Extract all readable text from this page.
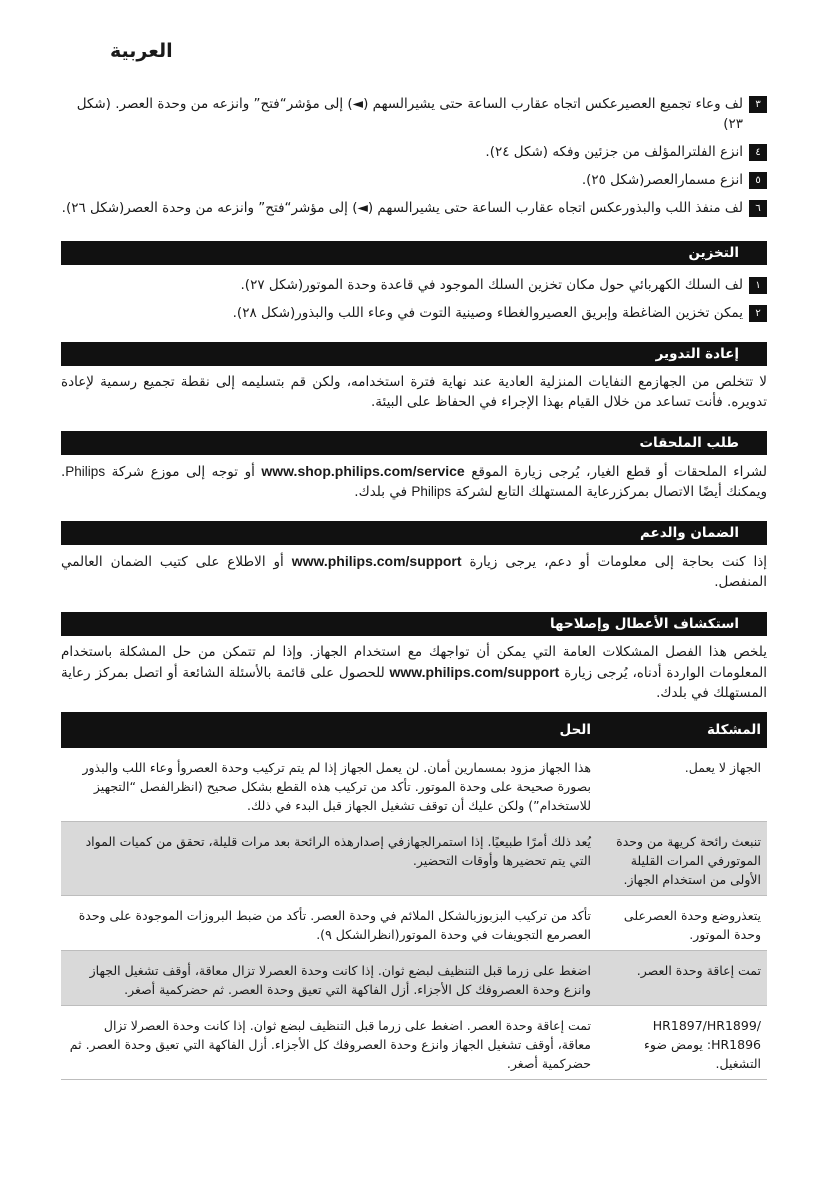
العربية
٣
لف وعاء تجميع العصيرعكس اتجاه عقارب الساعة حتى يشيرالسهم (◄) إلى مؤشر“فتح” وانزعه من وحدة العصر. (شكل ٢٣)
٤
انزع الفلترالمؤلف من جزئين وفكه (شكل ٢٤).
٥
انزع مسمارالعصر(شكل ٢٥).
٦
لف منفذ اللب والبذورعكس اتجاه عقارب الساعة حتى يشيرالسهم (◄) إلى مؤشر“فتح” وانزعه من وحدة العصر(شكل ٢٦).
التخزين
١
لف السلك الكهربائي حول مكان تخزين السلك الموجود في قاعدة وحدة الموتور(شكل ٢٧).
٢
يمكن تخزين الضاغطة وإبريق العصيروالغطاء وصينية التوت في وعاء اللب والبذور(شكل ٢٨).
إعادة التدوير
لا تتخلص من الجهازمع النفايات المنزلية العادية عند نهاية فترة استخدامه، ولكن قم بتسليمه إلى نقطة تجميع رسمية لإعادة تدويره. فأنت تساعد من خلال القيام بهذا الإجراء في الحفاظ على البيئة.
طلب الملحقات
لشراء الملحقات أو قطع الغيار، يُرجى زيارة الموقع www.shop.philips.com/service أو توجه إلى موزع شركة Philips. ويمكنك أيضًا الاتصال بمركزرعاية المستهلك التابع لشركة Philips في بلدك.
الضمان والدعم
إذا كنت بحاجة إلى معلومات أو دعم، يرجى زيارة www.philips.com/support أو الاطلاع على كتيب الضمان العالمي المنفصل.
استكشاف الأعطال وإصلاحها
يلخص هذا الفصل المشكلات العامة التي يمكن أن تواجهك مع استخدام الجهاز. وإذا لم تتمكن من حل المشكلة باستخدام المعلومات الواردة أدناه، يُرجى زيارة www.philips.com/support للحصول على قائمة بالأسئلة الشائعة أو اتصل بمركز رعاية المستهلك في بلدك.
المشكلة	الحل
الجهاز لا يعمل.	هذا الجهاز مزود بمسمارين أمان. لن يعمل الجهاز إذا لم يتم تركيب وحدة العصروأ وعاء اللب والبذور بصورة صحيحة على وحدة الموتور. تأكد من تركيب هذه القطع بشكل صحيح (انظرالفصل “التجهيز للاستخدام”) ولكن عليك أن توقف تشغيل الجهاز قبل البدء في ذلك.
تنبعث رائحة كريهة من وحدة الموتورفي المرات القليلة الأولى من استخدام الجهاز.	يُعد ذلك أمرًا طبيعيًا. إذا استمرالجهازفي إصدارهذه الرائحة بعد مرات قليلة، تحقق من كميات المواد التي يتم تحضيرها وأوقات التحضير.
يتعذروضع وحدة العصرعلى وحدة الموتور.	تأكد من تركيب البزبوزبالشكل الملائم في وحدة العصر. تأكد من ضبط البروزات الموجودة على وحدة العصرمع التجويفات في وحدة الموتور(انظرالشكل ٩).
تمت إعاقة وحدة العصر.	اضغط على زرما قبل التنظيف لبضع ثوان. إذا كانت وحدة العصرلا تزال معاقة، أوقف تشغيل الجهاز وانزع وحدة العصروفك كل الأجزاء. أزل الفاكهة التي تعيق وحدة العصر. ثم حضركمية أصغر.
HR1897/HR1899/ HR1896: يومض ضوء التشغيل.	تمت إعاقة وحدة العصر. اضغط على زرما قبل التنظيف لبضع ثوان. إذا كانت وحدة العصرلا تزال معاقة، أوقف تشغيل الجهاز وانزع وحدة العصروفك كل الأجزاء. أزل الفاكهة التي تعيق وحدة العصر. ثم حضركمية أصغر.
